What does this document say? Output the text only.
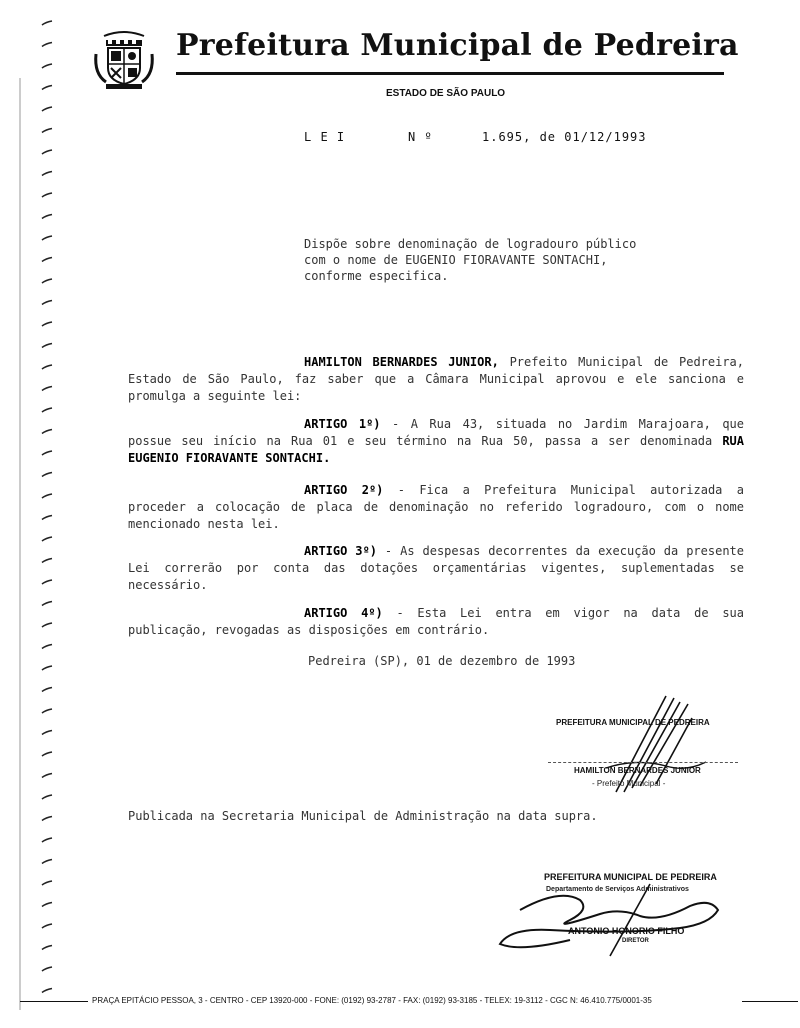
Prefeitura Municipal de Pedreira
ESTADO DE SÃO PAULO
L E I	N º	1.695, de 01/12/1993
Dispõe sobre denominação de logradouro público
com o nome de EUGENIO FIORAVANTE SONTACHI,
conforme especifica.
HAMILTON BERNARDES JUNIOR, Prefeito Municipal de Pedreira, Estado de São Paulo, faz saber que a Câmara Municipal aprovou e ele sanciona e promulga a seguinte lei:
ARTIGO 1º) - A Rua 43, situada no Jardim Marajoara, que possue seu início na Rua 01 e seu término na Rua 50, passa a ser denominada RUA EUGENIO FIORAVANTE SONTACHI.
ARTIGO 2º) - Fica a Prefeitura Municipal autorizada a proceder a colocação de placa de denominação no referido logradouro, com o nome mencionado nesta lei.
ARTIGO 3º) - As despesas decorrentes da execução da presente Lei correrão por conta das dotações orçamentárias vigentes, suplementadas se necessário.
ARTIGO 4º) - Esta Lei entra em vigor na data de sua publicação, revogadas as disposições em contrário.
Pedreira (SP), 01 de dezembro de 1993
PREFEITURA MUNICIPAL DE PEDREIRA
HAMILTON BERNARDES JUNIOR
- Prefeito Municipal -
Publicada na Secretaria Municipal de Administração na data supra.
PREFEITURA MUNICIPAL DE PEDREIRA
Departamento de Serviços Administrativos
ANTONIO HONORIO FILHO
DIRETOR
PRAÇA EPITÁCIO PESSOA, 3 - CENTRO - CEP 13920-000 - FONE: (0192) 93-2787 - FAX: (0192) 93-3185 - TELEX: 19-3112 - CGC N: 46.410.775/0001-35
